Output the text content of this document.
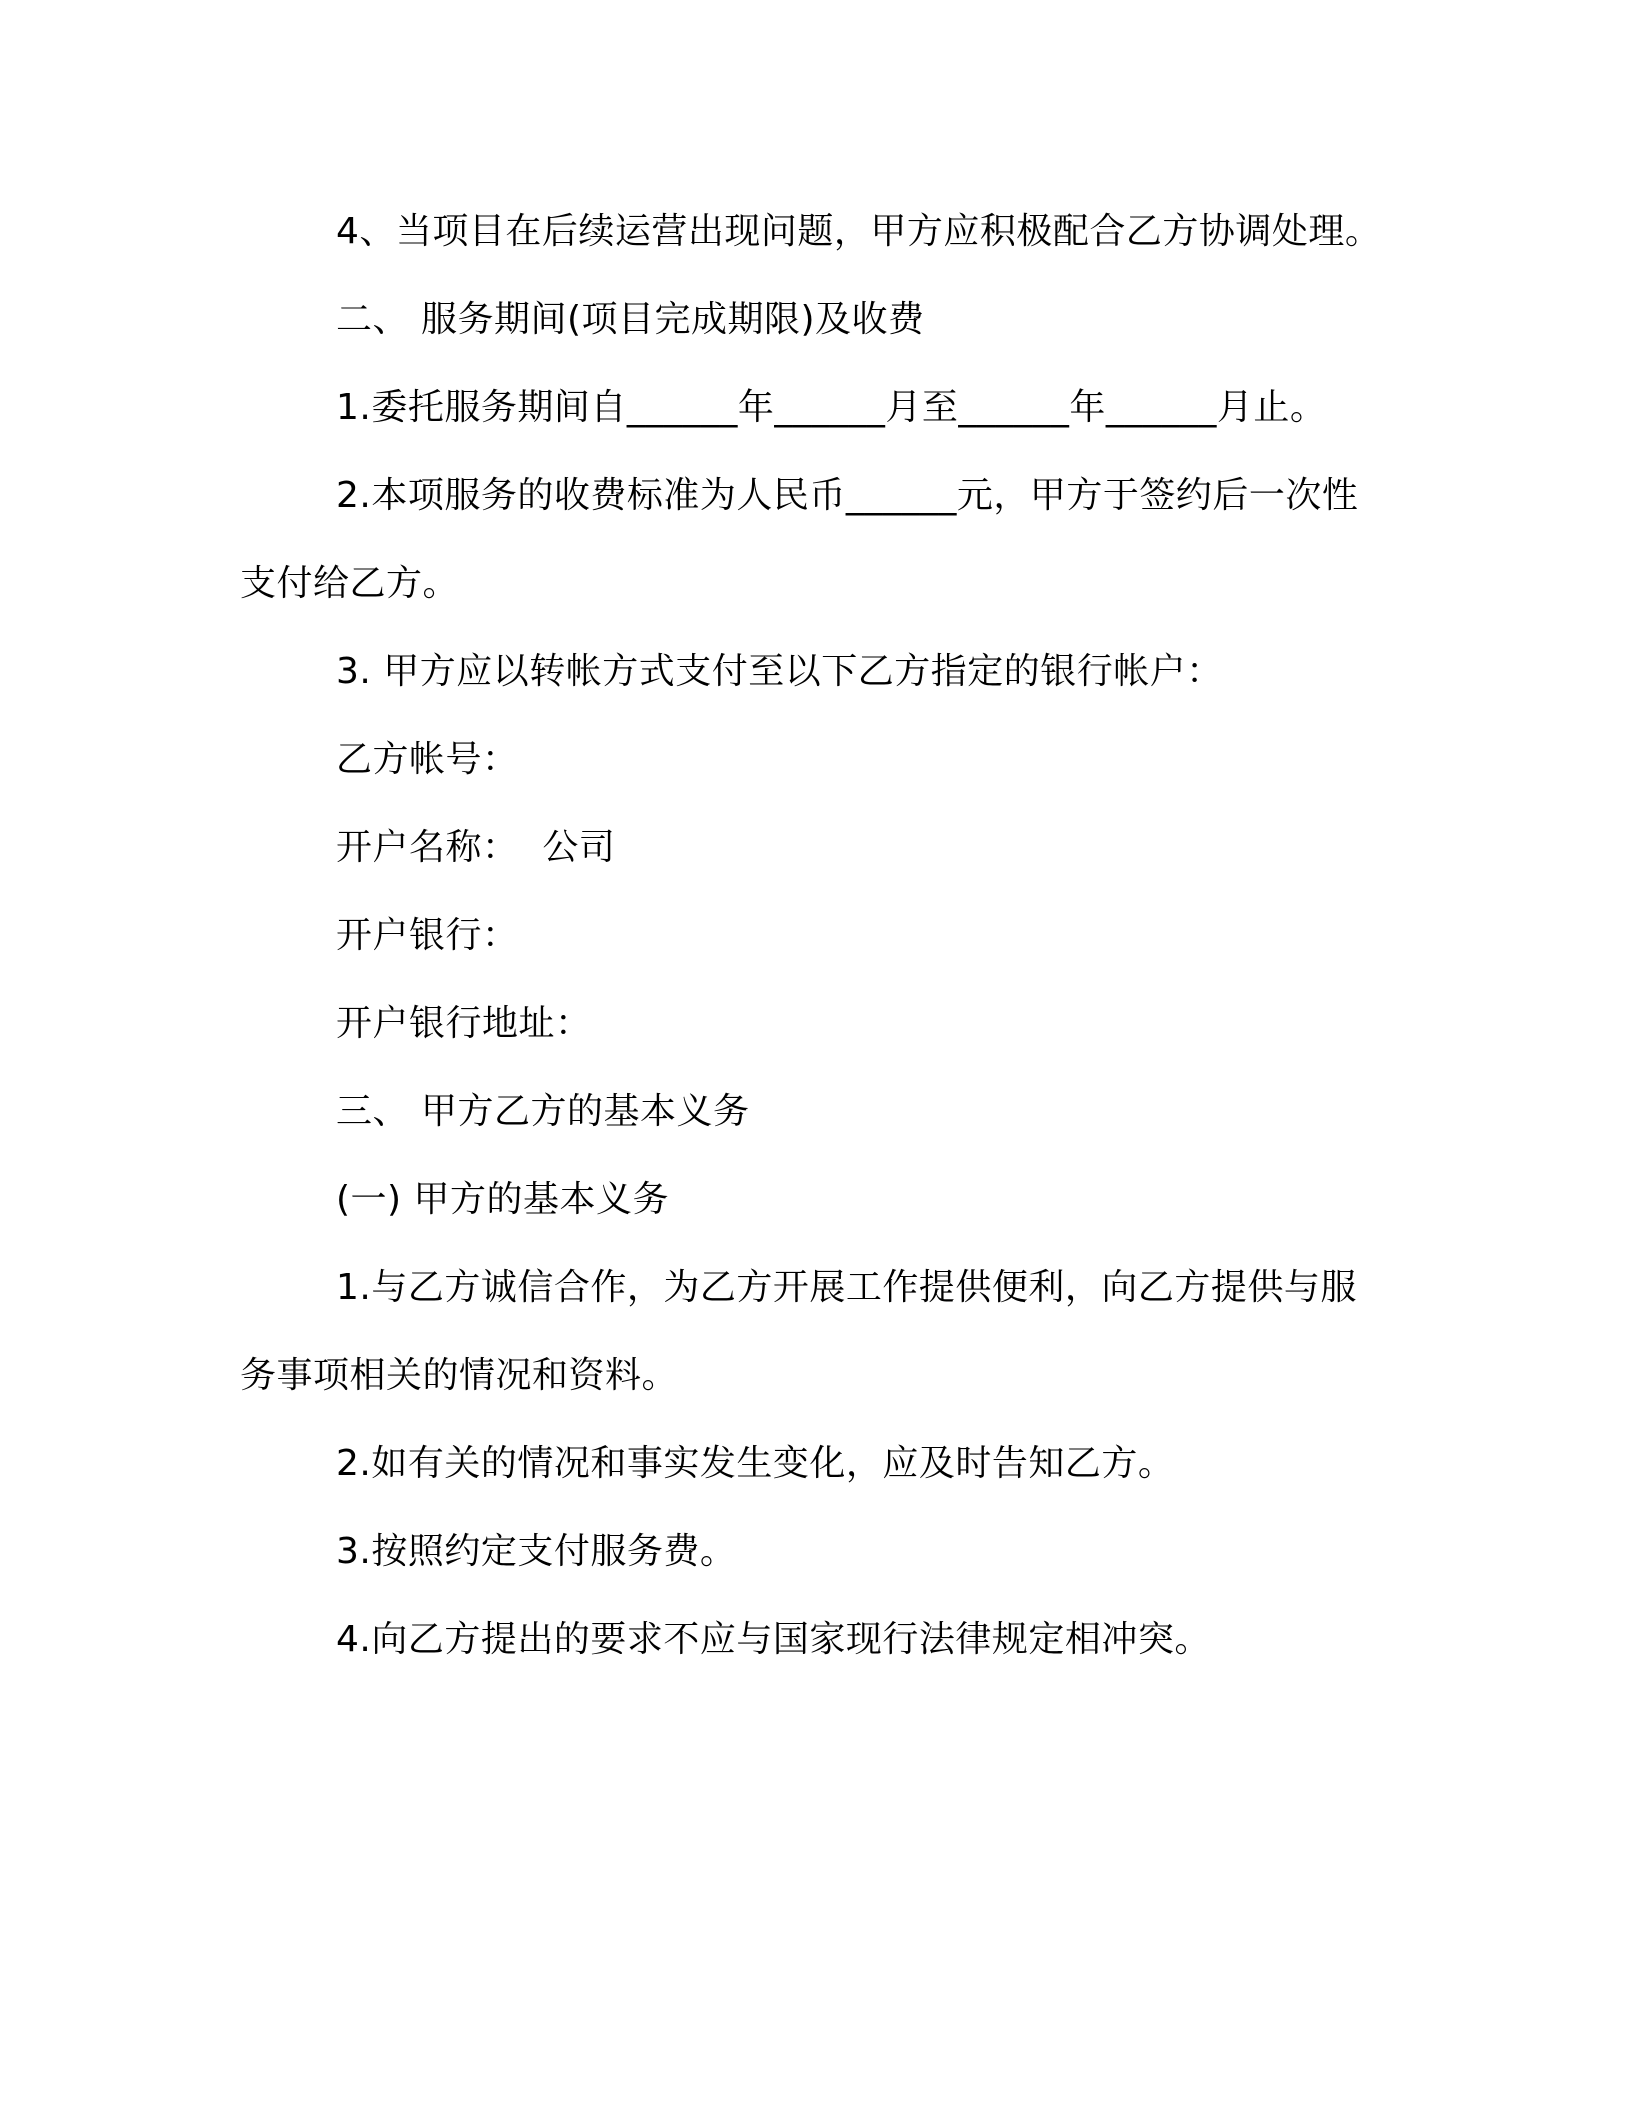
4、当项目在后续运营出现问题，甲方应积极配合乙方协调处理。

二、 服务期间(项目完成期限)及收费

1.委托服务期间自______年______月至______年______月止。

2.本项服务的收费标准为人民币______元，甲方于签约后一次性支付给乙方。

3. 甲方应以转帐方式支付至以下乙方指定的银行帐户：

乙方帐号：

开户名称：  公司

开户银行：

开户银行地址：

三、 甲方乙方的基本义务

(一) 甲方的基本义务

1.与乙方诚信合作，为乙方开展工作提供便利，向乙方提供与服务事项相关的情况和资料。

2.如有关的情况和事实发生变化，应及时告知乙方。

3.按照约定支付服务费。

4.向乙方提出的要求不应与国家现行法律规定相冲突。
